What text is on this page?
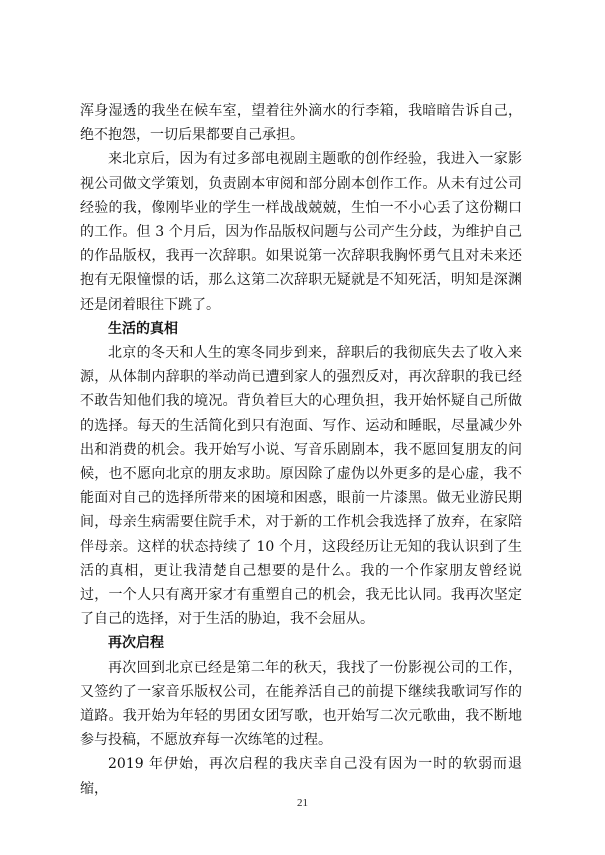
浑身湿透的我坐在候车室，望着往外滴水的行李箱，我暗暗告诉自己，绝不抱怨，一切后果都要自己承担。

来北京后，因为有过多部电视剧主题歌的创作经验，我进入一家影视公司做文学策划，负责剧本审阅和部分剧本创作工作。从未有过公司经验的我，像刚毕业的学生一样战战兢兢，生怕一不小心丢了这份糊口的工作。但 3 个月后，因为作品版权问题与公司产生分歧，为维护自己的作品版权，我再一次辞职。如果说第一次辞职我胸怀勇气且对未来还抱有无限憧憬的话，那么这第二次辞职无疑就是不知死活，明知是深渊还是闭着眼往下跳了。

生活的真相

北京的冬天和人生的寒冬同步到来，辞职后的我彻底失去了收入来源，从体制内辞职的举动尚已遭到家人的强烈反对，再次辞职的我已经不敢告知他们我的境况。背负着巨大的心理负担，我开始怀疑自己所做的选择。每天的生活简化到只有泡面、写作、运动和睡眠，尽量减少外出和消费的机会。我开始写小说、写音乐剧剧本，我不愿回复朋友的问候，也不愿向北京的朋友求助。原因除了虚伪以外更多的是心虚，我不能面对自己的选择所带来的困境和困惑，眼前一片漆黑。做无业游民期间，母亲生病需要住院手术，对于新的工作机会我选择了放弃，在家陪伴母亲。这样的状态持续了 10 个月，这段经历让无知的我认识到了生活的真相，更让我清楚自己想要的是什么。我的一个作家朋友曾经说过，一个人只有离开家才有重塑自己的机会，我无比认同。我再次坚定了自己的选择，对于生活的胁迫，我不会屈从。

再次启程

再次回到北京已经是第二年的秋天，我找了一份影视公司的工作，又签约了一家音乐版权公司，在能养活自己的前提下继续我歌词写作的道路。我开始为年轻的男团女团写歌，也开始写二次元歌曲，我不断地参与投稿，不愿放弃每一次练笔的过程。

2019 年伊始，再次启程的我庆幸自己没有因为一时的软弱而退缩，

21
